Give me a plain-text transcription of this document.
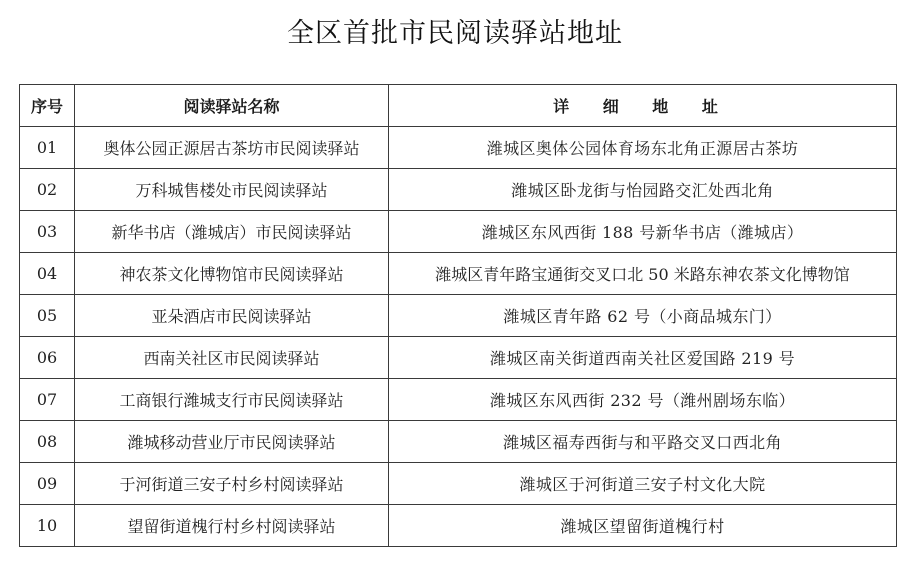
全区首批市民阅读驿站地址
序号	阅读驿站名称	详 细 地 址
01	奥体公园正源居古茶坊市民阅读驿站	潍城区奥体公园体育场东北角正源居古茶坊
02	万科城售楼处市民阅读驿站	潍城区卧龙街与怡园路交汇处西北角
03	新华书店（潍城店）市民阅读驿站	潍城区东风西街 188 号新华书店（潍城店）
04	神农茶文化博物馆市民阅读驿站	潍城区青年路宝通街交叉口北 50 米路东神农茶文化博物馆
05	亚朵酒店市民阅读驿站	潍城区青年路 62 号（小商品城东门）
06	西南关社区市民阅读驿站	潍城区南关街道西南关社区爱国路 219 号
07	工商银行潍城支行市民阅读驿站	潍城区东风西街 232 号（潍州剧场东临）
08	潍城移动营业厅市民阅读驿站	潍城区福寿西街与和平路交叉口西北角
09	于河街道三安子村乡村阅读驿站	潍城区于河街道三安子村文化大院
10	望留街道槐行村乡村阅读驿站	潍城区望留街道槐行村
